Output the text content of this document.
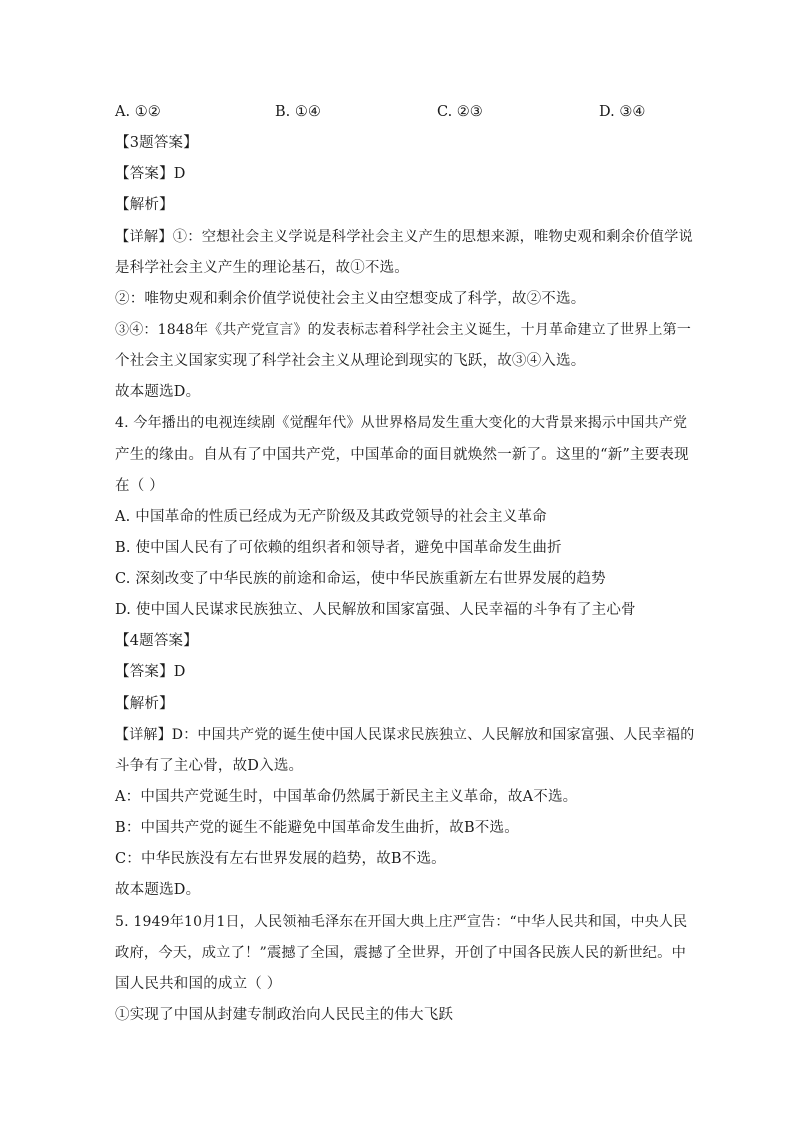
A. ①②	B. ①④	C. ②③	D. ③④
【3题答案】
【答案】D
【解析】
【详解】①：空想社会主义学说是科学社会主义产生的思想来源，唯物史观和剩余价值学说
是科学社会主义产生的理论基石，故①不选。
②：唯物史观和剩余价值学说使社会主义由空想变成了科学，故②不选。
③④：1848年《共产党宣言》的发表标志着科学社会主义诞生，十月革命建立了世界上第一
个社会主义国家实现了科学社会主义从理论到现实的飞跃，故③④入选。
故本题选D。
4. 今年播出的电视连续剧《觉醒年代》从世界格局发生重大变化的大背景来揭示中国共产党
产生的缘由。自从有了中国共产党，中国革命的面目就焕然一新了。这里的“新”主要表现
在（ ）
A. 中国革命的性质已经成为无产阶级及其政党领导的社会主义革命
B. 使中国人民有了可依赖的组织者和领导者，避免中国革命发生曲折
C. 深刻改变了中华民族的前途和命运，使中华民族重新左右世界发展的趋势
D. 使中国人民谋求民族独立、人民解放和国家富强、人民幸福的斗争有了主心骨
【4题答案】
【答案】D
【解析】
【详解】D：中国共产党的诞生使中国人民谋求民族独立、人民解放和国家富强、人民幸福的
斗争有了主心骨，故D入选。
A：中国共产党诞生时，中国革命仍然属于新民主主义革命，故A不选。
B：中国共产党的诞生不能避免中国革命发生曲折，故B不选。
C：中华民族没有左右世界发展的趋势，故B不选。
故本题选D。
5. 1949年10月1日，人民领袖毛泽东在开国大典上庄严宣告：“中华人民共和国，中央人民
政府，今天，成立了！”震撼了全国，震撼了全世界，开创了中国各民族人民的新世纪。中
国人民共和国的成立（ ）
①实现了中国从封建专制政治向人民民主的伟大飞跃
